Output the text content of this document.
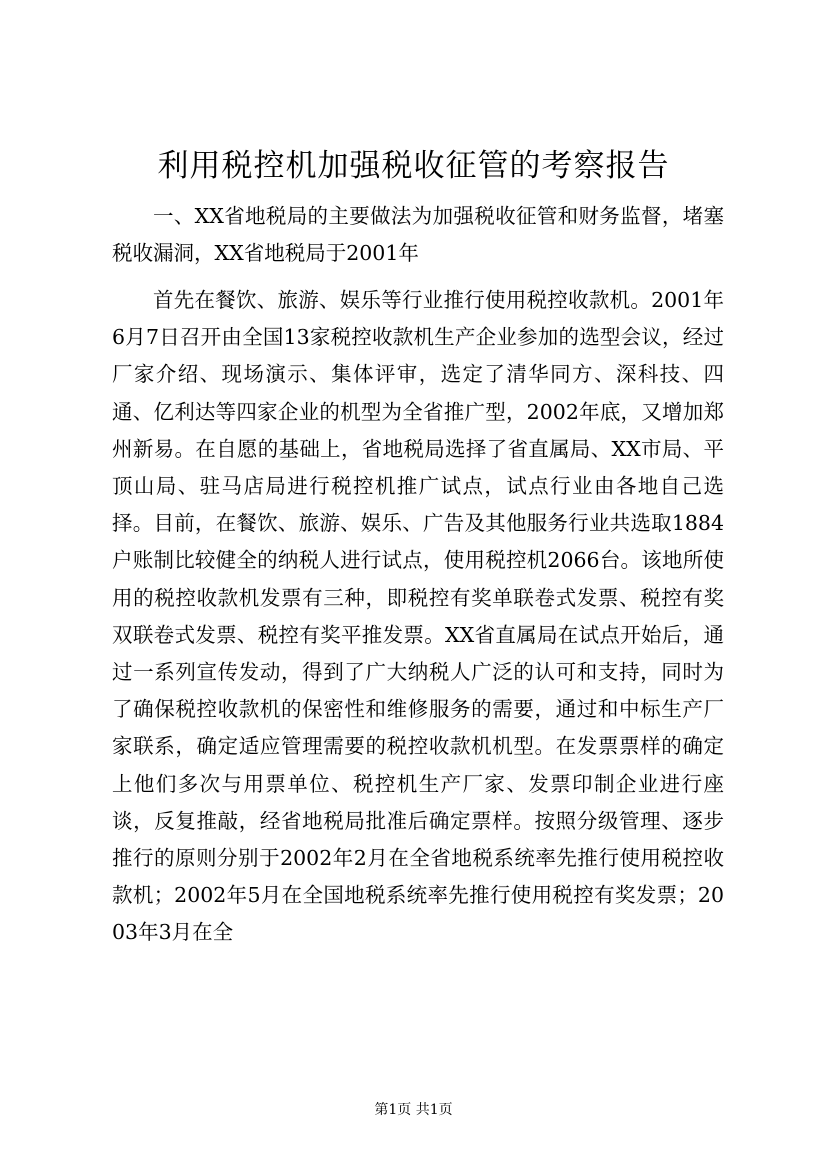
利用税控机加强税收征管的考察报告

一、XX省地税局的主要做法为加强税收征管和财务监督，堵塞税收漏洞，XX省地税局于2001年

首先在餐饮、旅游、娱乐等行业推行使用税控收款机。2001年6月7日召开由全国13家税控收款机生产企业参加的选型会议，经过厂家介绍、现场演示、集体评审，选定了清华同方、深科技、四通、亿利达等四家企业的机型为全省推广型，2002年底，又增加郑州新易。在自愿的基础上，省地税局选择了省直属局、XX市局、平顶山局、驻马店局进行税控机推广试点，试点行业由各地自己选择。目前，在餐饮、旅游、娱乐、广告及其他服务行业共选取1884户账制比较健全的纳税人进行试点，使用税控机2066台。该地所使用的税控收款机发票有三种，即税控有奖单联卷式发票、税控有奖双联卷式发票、税控有奖平推发票。XX省直属局在试点开始后，通过一系列宣传发动，得到了广大纳税人广泛的认可和支持，同时为了确保税控收款机的保密性和维修服务的需要，通过和中标生产厂家联系，确定适应管理需要的税控收款机机型。在发票票样的确定上他们多次与用票单位、税控机生产厂家、发票印制企业进行座谈，反复推敲，经省地税局批准后确定票样。按照分级管理、逐步推行的原则分别于2002年2月在全省地税系统率先推行使用税控收款机；2002年5月在全国地税系统率先推行使用税控有奖发票；2003年3月在全

第1页 共1页
